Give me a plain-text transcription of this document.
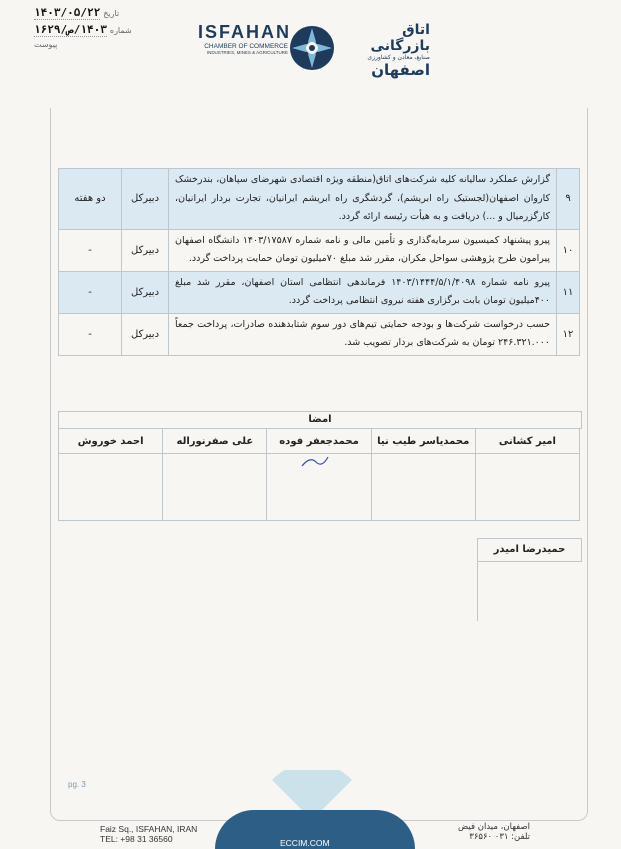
تاریخ
۱۴۰۳/۰۵/۲۲
شماره
۱۴۰۳/ص/۱۶۲۹
پیوست
ISFAHAN
CHAMBER OF COMMERCE
INDUSTRIES, MINES & AGRICULTURE
اتاق بازرگانی
صنایع، معادن و کشاورزی
اصفهان
۹	گزارش عملکرد سالیانه کلیه شرکت‌های اتاق(منطقه ویژه اقتصادی شهرضای سپاهان، بندرخشک کاروان اصفهان(لجستیک راه ابریشم)، گردشگری راه ابریشم ایرانیان، تجارت بردار ایرانیان، کارگزرمیال و ...) دریافت و به هیأت رئیسه ارائه گردد.	دبیرکل	دو هفته
۱۰	پیرو پیشنهاد کمیسیون سرمایه‌گذاری و تأمین مالی و نامه شماره ۱۴۰۳/۱۷۵۸۷ دانشگاه اصفهان پیرامون طرح پژوهشی سواحل مکران، مقرر شد مبلغ ۷۰میلیون تومان حمایت پرداخت گردد.	دبیرکل	-
۱۱	پیرو نامه شماره ۱۴۰۳/۱۴۴۴/۵/۱/۴۰۹۸ فرماندهی انتظامی استان اصفهان، مقرر شد مبلغ ۴۰۰میلیون تومان بابت برگزاری هفته نیروی انتظامی پرداخت گردد.	دبیرکل	-
۱۲	حسب درخواست شرکت‌ها و بودجه حمایتی تیم‌های دور سوم شتابدهنده صادرات، پرداخت جمعاً ۲۴۶.۳۲۱.۰۰۰ تومان به شرکت‌های بردار تصویب شد.	دبیرکل	-
امضا
امیر کشانی	محمدیاسر طیب نیا	محمدجعفر فوده	علی صفرنوراله	احمد خوروش

حمیدرضا امیدر
pg. 3
ECCIM.COM
Faiz Sq., ISFAHAN, IRAN
TEL: +98 31 36560
اصفهان، میدان فیض
تلفن: ۰۳۱ ۳۶۵۶۰
